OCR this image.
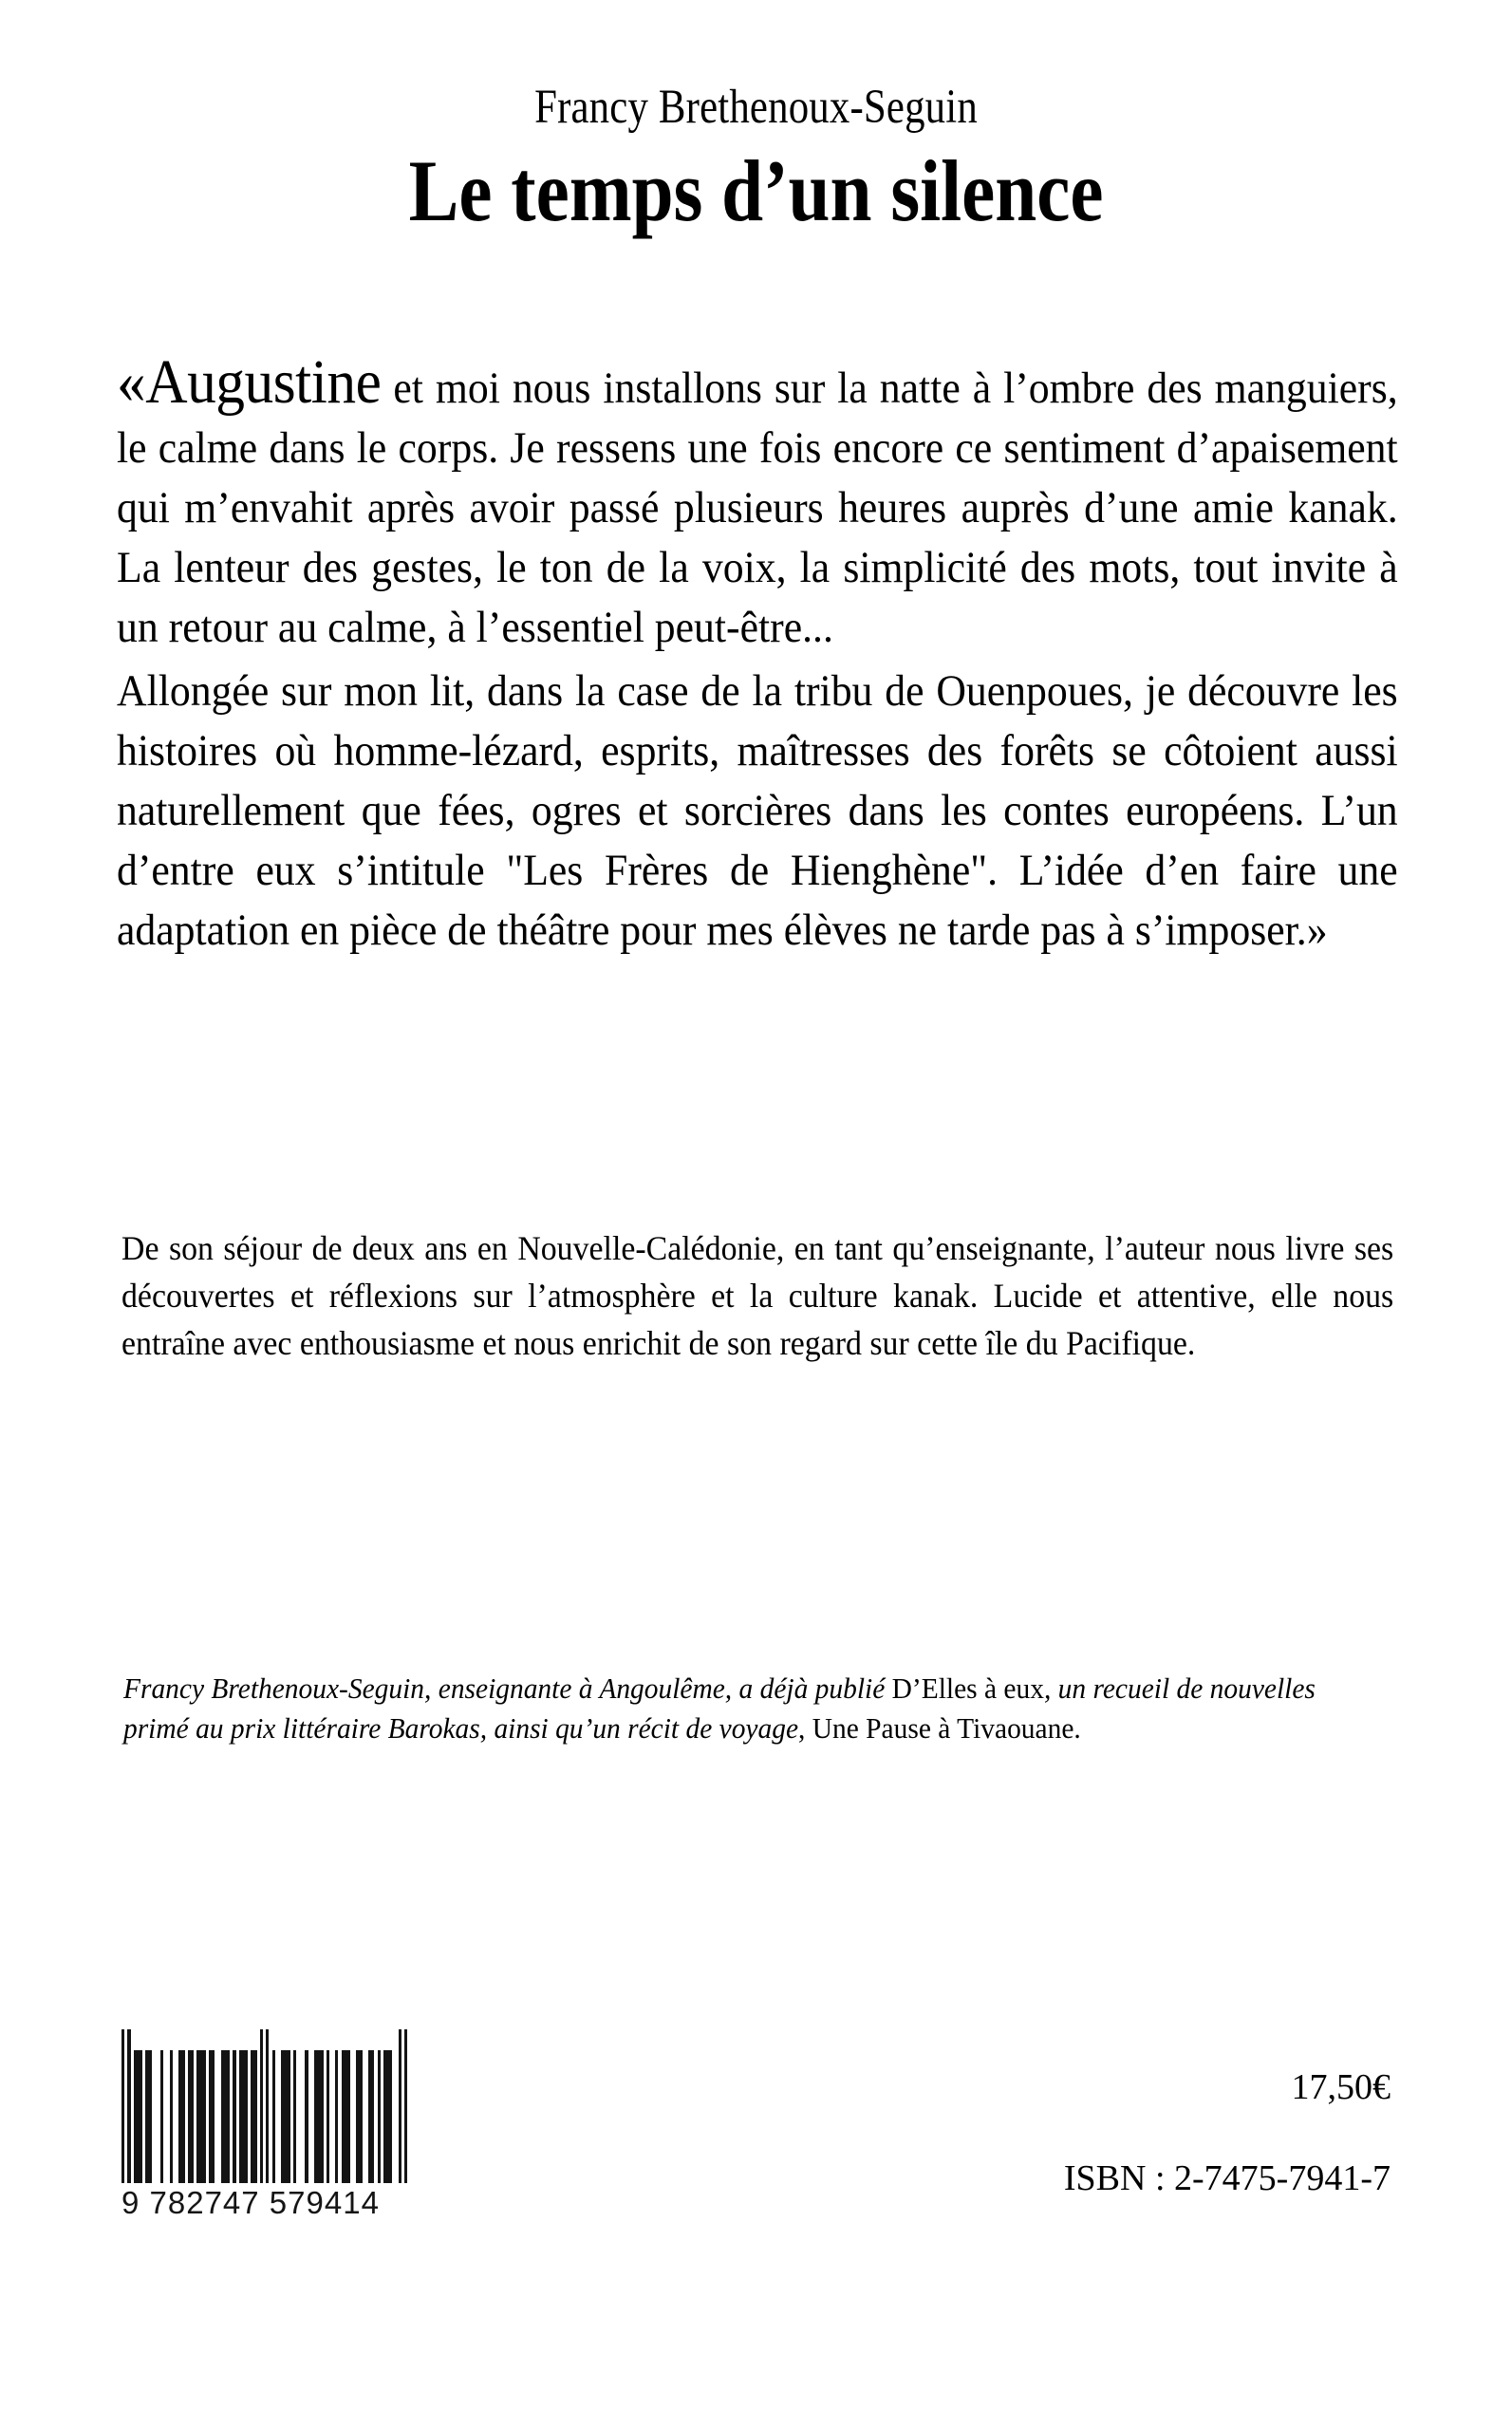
Francy Brethenoux-Seguin
Le temps d’un silence

«Augustine et moi nous installons sur la natte à l’ombre des manguiers, le calme dans le corps. Je ressens une fois encore ce sentiment d’apaisement qui m’envahit après avoir passé plusieurs heures auprès d’une amie kanak. La lenteur des gestes, le ton de la voix, la simplicité des mots, tout invite à un retour au calme, à l’essentiel peut-être...

Allongée sur mon lit, dans la case de la tribu de Ouenpoues, je découvre les histoires où homme-lézard, esprits, maîtresses des forêts se côtoient aussi naturellement que fées, ogres et sorcières dans les contes européens. L’un d’entre eux s’intitule "Les Frères de Hienghène". L’idée d’en faire une adaptation en pièce de théâtre pour mes élèves ne tarde pas à s’imposer.»

De son séjour de deux ans en Nouvelle-Calédonie, en tant qu’enseignante, l’auteur nous livre ses découvertes et réflexions sur l’atmosphère et la culture kanak. Lucide et attentive, elle nous entraîne avec enthousiasme et nous enrichit de son regard sur cette île du Pacifique.

Francy Brethenoux-Seguin, enseignante à Angoulême, a déjà publié D’Elles à eux, un recueil de nouvelles primé au prix littéraire Barokas, ainsi qu’un récit de voyage, Une Pause à Tivaouane.
9 782747 579414
17,50€
ISBN : 2-7475-7941-7
